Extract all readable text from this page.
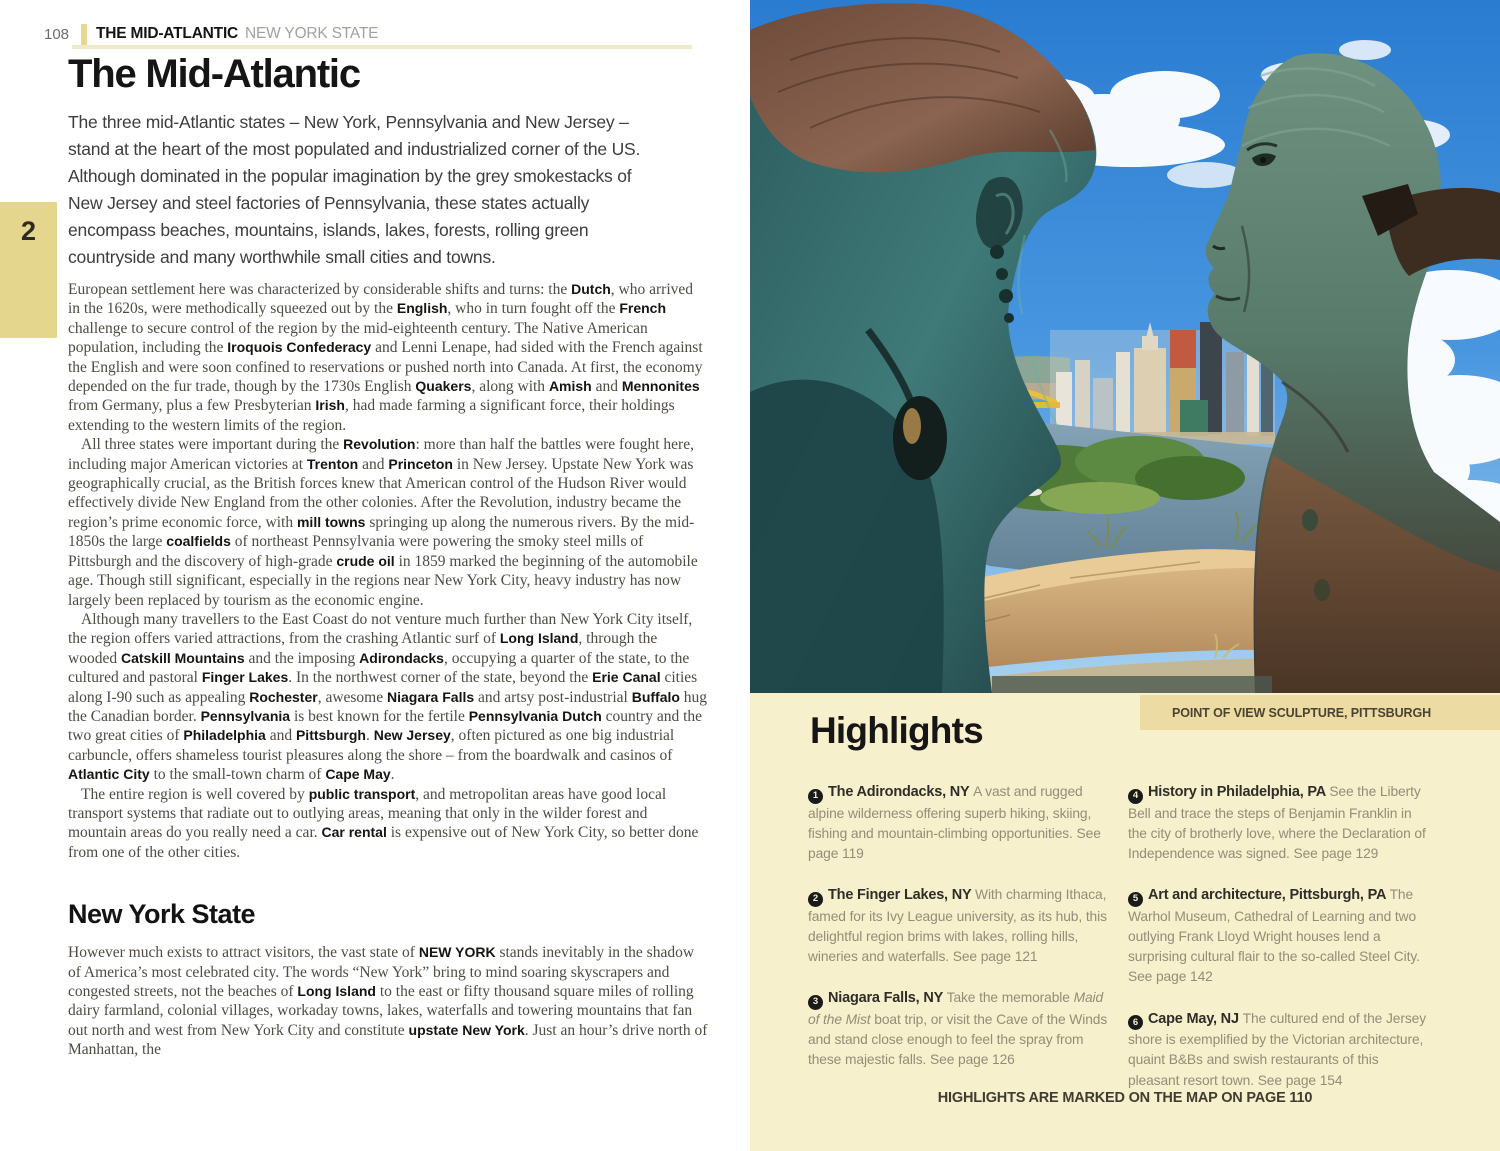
108 THE MID-ATLANTIC NEW YORK STATE
2
The Mid-Atlantic

The three mid-Atlantic states – New York, Pennsylvania and New Jersey – stand at the heart of the most populated and industrialized corner of the US. Although dominated in the popular imagination by the grey smokestacks of New Jersey and steel factories of Pennsylvania, these states actually encompass beaches, mountains, islands, lakes, forests, rolling green countryside and many worthwhile small cities and towns.

European settlement here was characterized by considerable shifts and turns: the Dutch, who arrived in the 1620s, were methodically squeezed out by the English, who in turn fought off the French challenge to secure control of the region by the mid-eighteenth century. The Native American population, including the Iroquois Confederacy and Lenni Lenape, had sided with the French against the English and were soon confined to reservations or pushed north into Canada. At first, the economy depended on the fur trade, though by the 1730s English Quakers, along with Amish and Mennonites from Germany, plus a few Presbyterian Irish, had made farming a significant force, their holdings extending to the western limits of the region.

All three states were important during the Revolution: more than half the battles were fought here, including major American victories at Trenton and Princeton in New Jersey. Upstate New York was geographically crucial, as the British forces knew that American control of the Hudson River would effectively divide New England from the other colonies. After the Revolution, industry became the region’s prime economic force, with mill towns springing up along the numerous rivers. By the mid-1850s the large coalfields of northeast Pennsylvania were powering the smoky steel mills of Pittsburgh and the discovery of high-grade crude oil in 1859 marked the beginning of the automobile age. Though still significant, especially in the regions near New York City, heavy industry has now largely been replaced by tourism as the economic engine.

Although many travellers to the East Coast do not venture much further than New York City itself, the region offers varied attractions, from the crashing Atlantic surf of Long Island, through the wooded Catskill Mountains and the imposing Adirondacks, occupying a quarter of the state, to the cultured and pastoral Finger Lakes. In the northwest corner of the state, beyond the Erie Canal cities along I-90 such as appealing Rochester, awesome Niagara Falls and artsy post-industrial Buffalo hug the Canadian border. Pennsylvania is best known for the fertile Pennsylvania Dutch country and the two great cities of Philadelphia and Pittsburgh. New Jersey, often pictured as one big industrial carbuncle, offers shameless tourist pleasures along the shore – from the boardwalk and casinos of Atlantic City to the small-town charm of Cape May.

The entire region is well covered by public transport, and metropolitan areas have good local transport systems that radiate out to outlying areas, meaning that only in the wilder forest and mountain areas do you really need a car. Car rental is expensive out of New York City, so better done from one of the other cities.

New York State

However much exists to attract visitors, the vast state of NEW YORK stands inevitably in the shadow of America’s most celebrated city. The words “New York” bring to mind soaring skyscrapers and congested streets, not the beaches of Long Island to the east or fifty thousand square miles of rolling dairy farmland, colonial villages, workaday towns, lakes, waterfalls and towering mountains that fan out north and west from New York City and constitute upstate New York. Just an hour’s drive north of Manhattan, the

POINT OF VIEW SCULPTURE, PITTSBURGH
Highlights

1 The Adirondacks, NY A vast and rugged alpine wilderness offering superb hiking, skiing, fishing and mountain-climbing opportunities. See page 119

2 The Finger Lakes, NY With charming Ithaca, famed for its Ivy League university, as its hub, this delightful region brims with lakes, rolling hills, wineries and waterfalls. See page 121

3 Niagara Falls, NY Take the memorable Maid of the Mist boat trip, or visit the Cave of the Winds and stand close enough to feel the spray from these majestic falls. See page 126

4 History in Philadelphia, PA See the Liberty Bell and trace the steps of Benjamin Franklin in the city of brotherly love, where the Declaration of Independence was signed. See page 129

5 Art and architecture, Pittsburgh, PA The Warhol Museum, Cathedral of Learning and two outlying Frank Lloyd Wright houses lend a surprising cultural flair to the so-called Steel City. See page 142

6 Cape May, NJ The cultured end of the Jersey shore is exemplified by the Victorian architecture, quaint B&Bs and swish restaurants of this pleasant resort town. See page 154

HIGHLIGHTS ARE MARKED ON THE MAP ON PAGE 110
